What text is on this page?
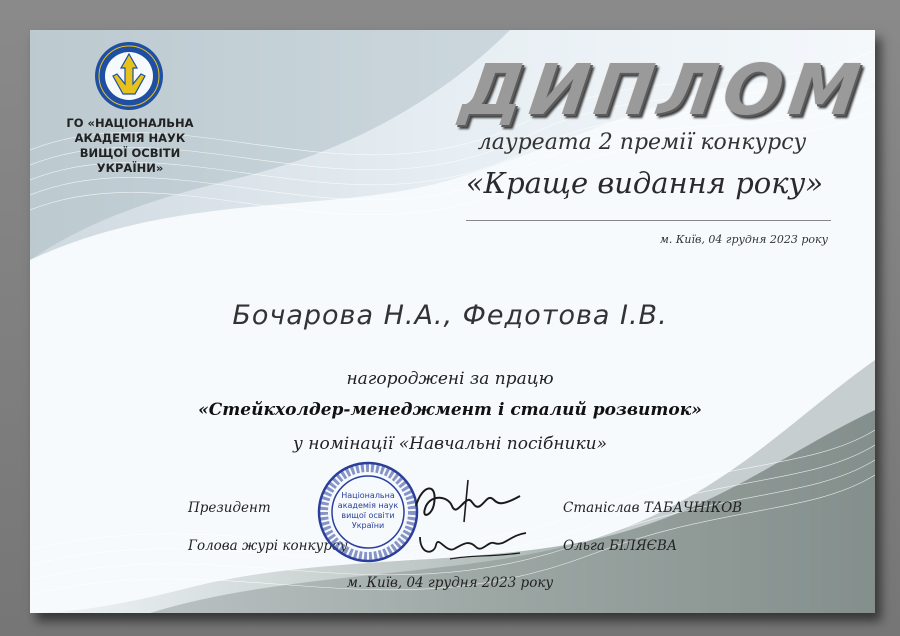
ГО «НАЦІОНАЛЬНА АКАДЕМІЯ НАУК ВИЩОЇ ОСВІТИ УКРАЇНИ»
ДИПЛОМ
лауреата 2 премії конкурсу
«Краще видання року»
м. Київ, 04 грудня 2023 року
Бочарова Н.А., Федотова І.В.
нагороджені за працю
«Стейкхолдер-менеджмент і сталий розвиток»
у номінації «Навчальні посібники»
Президент
Голова журі конкурсу
Національна
академія наук
вищої освіти
України
Станіслав ТАБАЧНІКОВ
Ольга БІЛЯЄВА
м. Київ, 04 грудня 2023 року
